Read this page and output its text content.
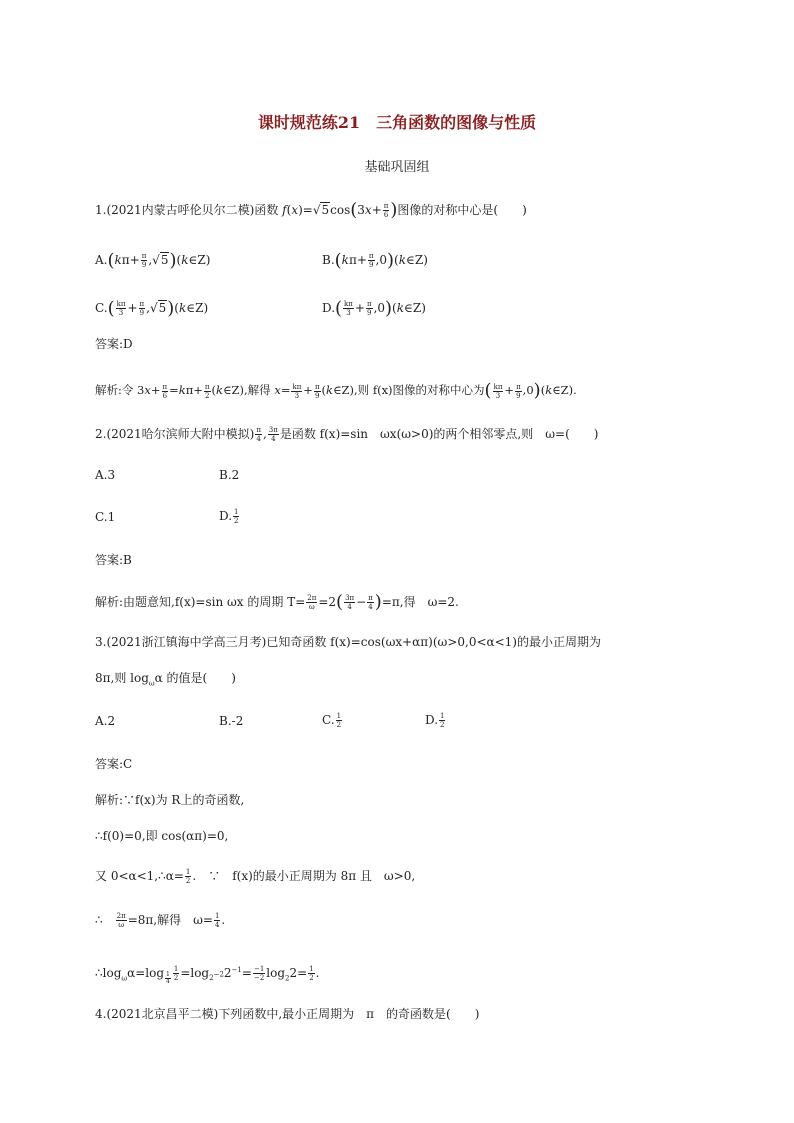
课时规范练21　三角函数的图像与性质
基础巩固组
1.(2021内蒙古呼伦贝尔二模)函数 $f(x)=√5\cos(3x+ \frac{\pi}{6}$ )图像的对称中心是(　　)
$A.(k\pi+ \frac{\pi}{9}$ ,√5)(k∈Z)	$B.(k\pi+ \frac{\pi}{9}$ ,0)(k∈Z)
$C.( \frac{k\pi}{3} + \frac{\pi}{9}$ ,√5)(k∈Z)	$D.( \frac{k\pi}{3} + \frac{\pi}{9}$ ,0)(k∈Z)
答案:D
解析:令 $3x+ \frac{\pi}{6} =k\pi+ \frac{\pi}{2}$ (k∈Z),解得 $x= \frac{k\pi}{3} + \frac{\pi}{9}$ (k∈Z),则 f(x)图像的对称中心为( $\frac{k\pi}{3} + \frac{\pi}{9}$ ,0)(k∈Z).
2.(2021哈尔滨师大附中模拟) $\frac{\pi}{4}$ , $\frac{3\pi}{4}$ 是函数 f(x)=sin　ωx(ω>0)的两个相邻零点,则　ω=(　　)
A.3	B.2
C.1	D. $\frac{1}{2}$
答案:B
解析:由题意知,f(x)=sin ωx 的周期 $T= \frac{2\pi}{\omega} =2( \frac{3\pi}{4} - \frac{\pi}{4} )=\pi$,得　ω=2.
3.(2021浙江镇海中学高三月考)已知奇函数 f(x)=cos(ωx+απ)(ω>0,0<α<1)的最小正周期为
8π,则 $\log_\omega\alpha$ 的值是(　　)
A.2	B.-2	C. $\frac{1}{2}$	D. $\frac{1}{2}$
答案:C
解析:∵f(x)为 R上的奇函数,
∴f(0)=0,即 cos(απ)=0,
又 0<α<1,∴α= $\frac{1}{2}$ .　∵　f(x)的最小正周期为 8π 且　ω>0,
∴　 $\frac{2\pi}{\omega} =8\pi$,解得　$\omega= \frac{1}{4}$ .
$\therefore\log_\omega\alpha=\log$ $_{\frac{1}{4}} \frac{1}{2} =\log_{2^{-2}}2^{-1}= \frac{-1}{-2} \log_22= \frac{1}{2}$ .
4.(2021北京昌平二模)下列函数中,最小正周期为　π　的奇函数是(　　)
